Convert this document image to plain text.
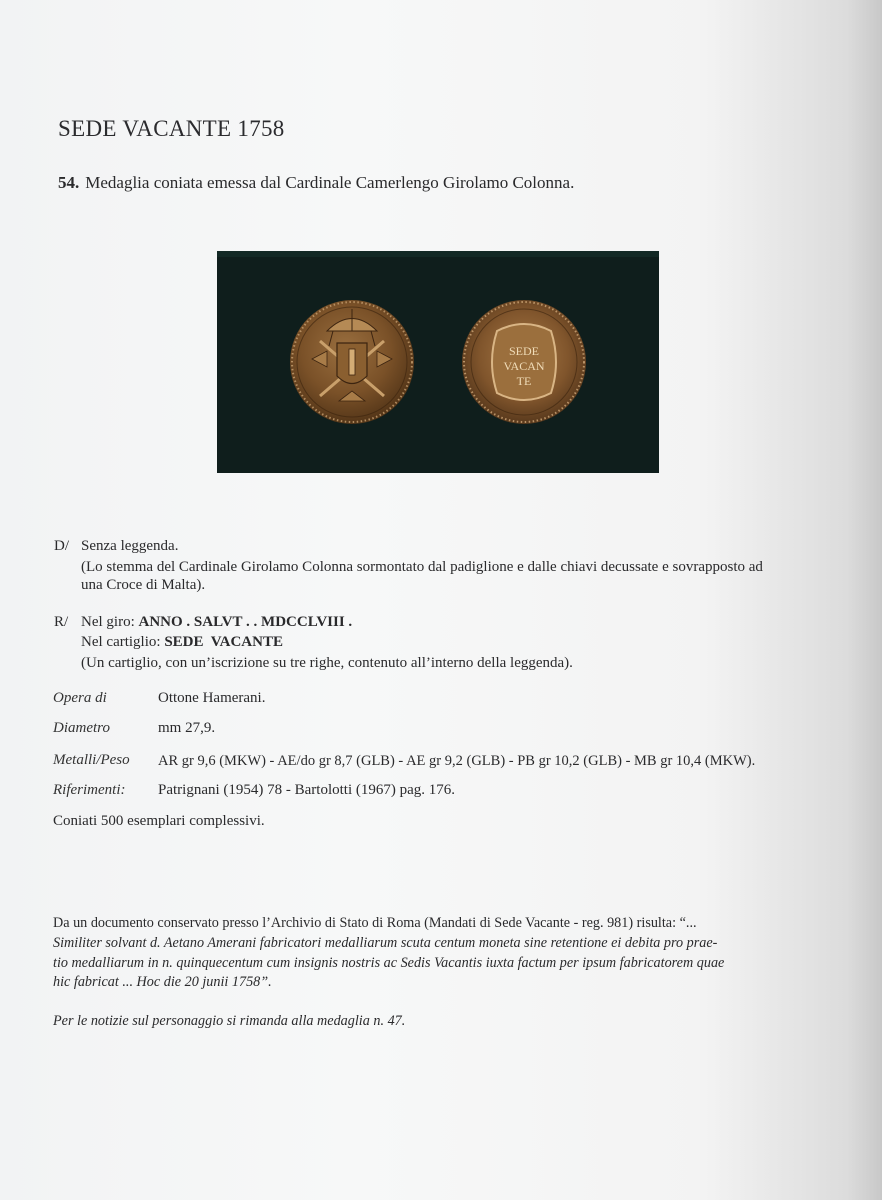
SEDE VACANTE 1758
54. Medaglia coniata emessa dal Cardinale Camerlengo Girolamo Colonna.
SEDE
VACAN
TE
D/ Senza leggenda.
(Lo stemma del Cardinale Girolamo Colonna sormontato dal padiglione e dalle chiavi decussate e sovrapposto ad
una Croce di Malta).
R/ Nel giro: ANNO . SALVT . . MDCCLVIII .
Nel cartiglio: SEDE  VACANTE
(Un cartiglio, con un’iscrizione su tre righe, contenuto all’interno della leggenda).
Opera di	Ottone Hamerani.
Diametro	mm 27,9.
Metalli/Peso AR gr 9,6 (MKW) - AE/do gr 8,7 (GLB) - AE gr 9,2 (GLB) - PB gr 10,2 (GLB) - MB gr 10,4 (MKW).
Riferimenti: Patrignani (1954) 78 - Bartolotti (1967) pag. 176.
Coniati 500 esemplari complessivi.
Da un documento conservato presso l’Archivio di Stato di Roma (Mandati di Sede Vacante - reg. 981) risulta: “...
Similiter solvant d. Aetano Amerani fabricatori medalliarum scuta centum moneta sine retentione ei debita pro prae-
tio medalliarum in n. quinquecentum cum insignis nostris ac Sedis Vacantis iuxta factum per ipsum fabricatorem quae
hic fabricat ... Hoc die 20 junii 1758”.
Per le notizie sul personaggio si rimanda alla medaglia n. 47.
